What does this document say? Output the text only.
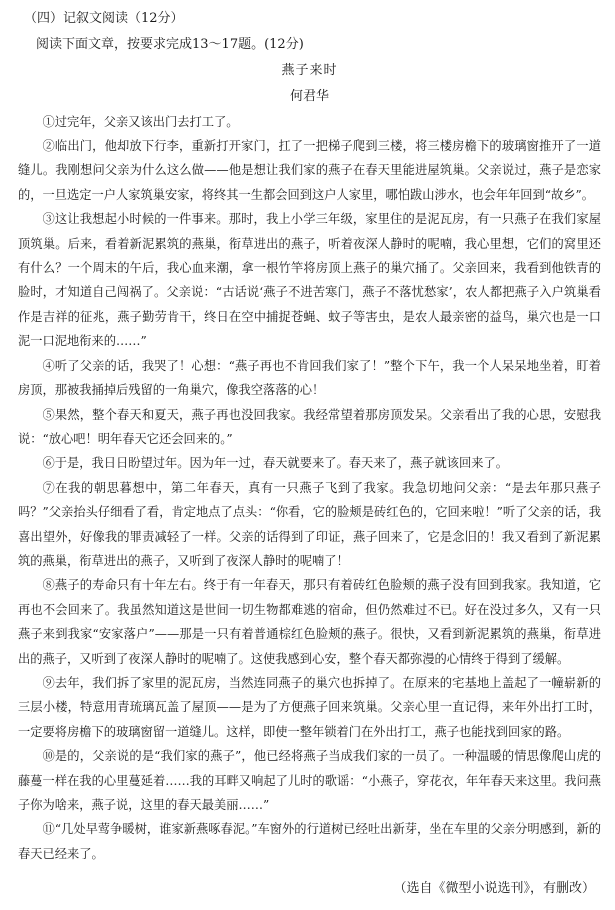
（四）记叙文阅读（12分）
阅读下面文章，按要求完成13～17题。(12分)
燕子来时
何君华

①过完年，父亲又该出门去打工了。

②临出门，他却放下行李，重新打开家门，扛了一把梯子爬到三楼，将三楼房檐下的玻璃窗推开了一道缝儿。我刚想问父亲为什么这么做——他是想让我们家的燕子在春天里能进屋筑巢。父亲说过，燕子是恋家的，一旦选定一户人家筑巢安家，将终其一生都会回到这户人家里，哪怕跋山涉水，也会年年回到“故乡”。

③这让我想起小时候的一件事来。那时，我上小学三年级，家里住的是泥瓦房，有一只燕子在我们家屋顶筑巢。后来，看着新泥累筑的燕巢，衔草进出的燕子，听着夜深人静时的呢喃，我心里想，它们的窝里还有什么？一个周末的午后，我心血来潮，拿一根竹竿将房顶上燕子的巢穴捅了。父亲回来，我看到他铁青的脸时，才知道自己闯祸了。父亲说：“古话说‘燕子不进苦寒门，燕子不落忧愁家’，农人都把燕子入户筑巢看作是吉祥的征兆，燕子勤劳肯干，终日在空中捕捉苍蝇、蚊子等害虫，是农人最亲密的益鸟，巢穴也是一口泥一口泥地衔来的……”

④听了父亲的话，我哭了！心想：“燕子再也不肯回我们家了！”整个下午，我一个人呆呆地坐着，盯着房顶，那被我捅掉后残留的一角巢穴，像我空落落的心！

⑤果然，整个春天和夏天，燕子再也没回我家。我经常望着那房顶发呆。父亲看出了我的心思，安慰我说：“放心吧！明年春天它还会回来的。”

⑥于是，我日日盼望过年。因为年一过，春天就要来了。春天来了，燕子就该回来了。

⑦在我的朝思暮想中，第二年春天，真有一只燕子飞到了我家。我急切地问父亲：“是去年那只燕子吗？”父亲抬头仔细看了看，肯定地点了点头：“你看，它的脸颊是砖红色的，它回来啦！”听了父亲的话，我喜出望外，好像我的罪责减轻了一样。父亲的话得到了印证，燕子回来了，它是念旧的！我又看到了新泥累筑的燕巢，衔草进出的燕子，又听到了夜深人静时的呢喃了！

⑧燕子的寿命只有十年左右。终于有一年春天，那只有着砖红色脸颊的燕子没有回到我家。我知道，它再也不会回来了。我虽然知道这是世间一切生物都难逃的宿命，但仍然难过不已。好在没过多久，又有一只燕子来到我家“安家落户”——那是一只有着普通棕红色脸颊的燕子。很快，又看到新泥累筑的燕巢，衔草进出的燕子，又听到了夜深人静时的呢喃了。这使我感到心安，整个春天都弥漫的心情终于得到了缓解。

⑨去年，我们拆了家里的泥瓦房，当然连同燕子的巢穴也拆掉了。在原来的宅基地上盖起了一幢崭新的三层小楼，特意用青琉璃瓦盖了屋顶——是为了方便燕子回来筑巢。父亲心里一直记得，来年外出打工时，一定要将房檐下的玻璃窗留一道缝儿。这样，即使一整年锁着门在外出打工，燕子也能找到回家的路。

⑩是的，父亲说的是“我们家的燕子”，他已经将燕子当成我们家的一员了。一种温暖的情思像爬山虎的藤蔓一样在我的心里蔓延着……我的耳畔又响起了儿时的歌谣：“小燕子，穿花衣，年年春天来这里。我问燕子你为啥来，燕子说，这里的春天最美丽……”

⑪“几处早莺争暖树，谁家新燕啄春泥。”车窗外的行道树已经吐出新芽，坐在车里的父亲分明感到，新的春天已经来了。

（选自《微型小说选刊》，有删改）
